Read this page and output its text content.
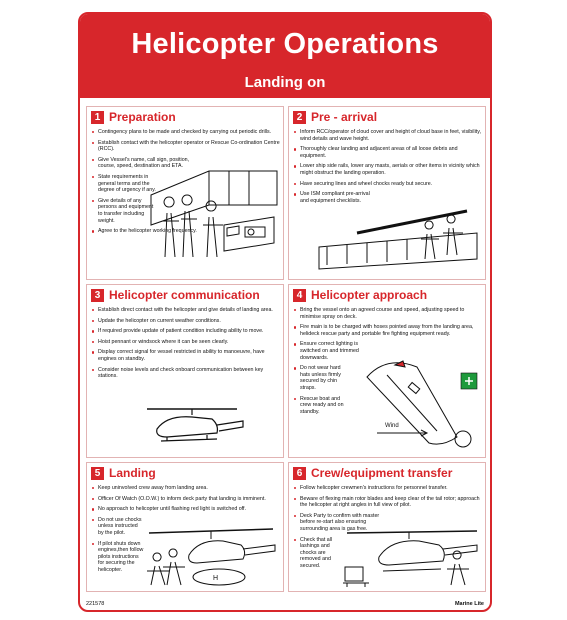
Helicopter Operations
Landing on
1 Preparation
Contingency plans to be made and checked by carrying out periodic drills.
Establish contact with the helicopter operator or Rescue Co-ordination Centre (RCC).
Give Vessel's name, call sign, position, course, speed, destination and ETA.
State requirements in general terms and the degree of urgency if any.
Give details of any persons and equipment to transfer including weight.
Agree to the helicopter working frequency.
2 Pre - arrival
Inform RCC/operator of cloud cover and height of cloud base in feet, visibility, wind details and wave height.
Thoroughly clear landing and adjacent areas of all loose debris and equipment.
Lower ship side rails, lower any masts, aerials or other items in vicinity which might obstruct the landing operation.
Have securing lines and wheel chocks ready but secure.
Use ISM compliant pre-arrival and equipment checklists.
3 Helicopter communication
Establish direct contact with the helicopter and give details of landing area.
Update the helicopter on current weather conditions.
If required provide update of patient condition including ability to move.
Hoist pennant or windsock where it can be seen clearly.
Display correct signal for vessel restricted in ability to manoeuvre, have engines on standby.
Consider noise levels and check onboard communication between key stations.
4 Helicopter approach
Bring the vessel onto an agreed course and speed, adjusting speed to minimise spray on deck.
Fire main is to be charged with hoses pointed away from the landing area, helideck rescue party and portable fire fighting equipment ready.
Ensure correct lighting is switched on and trimmed downwards.
Do not wear hard hats unless firmly secured by chin straps.
Rescue boat and crew ready and on standby.
Wind
5 Landing
Keep uninvolved crew away from landing area.
Officer Of Watch (O.O.W.) to inform deck party that landing is imminent.
No approach to helicopter until flashing red light is switched off.
Do not use chocks unless instructed by the pilot.
If pilot shuts down engines,then follow pilots instructions for securing the helicopter.
H
6 Crew/equipment transfer
Follow helicopter crewmen's instructions for personnel transfer.
Beware of flexing main rotor blades and keep clear of the tail rotor; approach the helicopter at right angles in full view of pilot.
Deck Party to confirm with master before re-start also ensuring surrounding area is gas free.
Check that all lashings and chocks are removed and secured.
221578	Marine Lite
